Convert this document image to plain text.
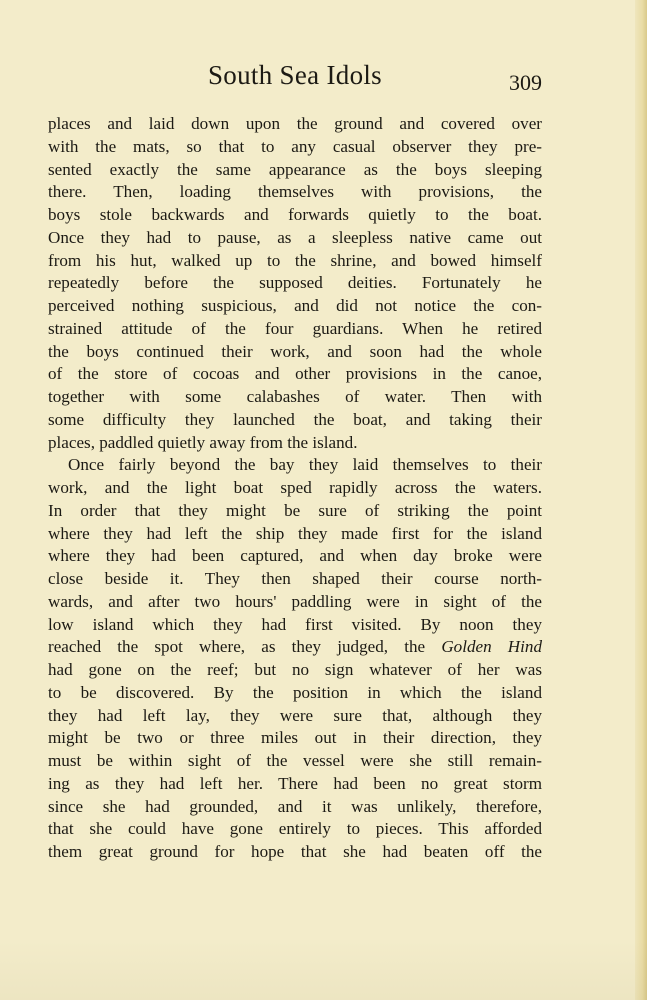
South Sea Idols	309
places and laid down upon the ground and covered over
with the mats, so that to any casual observer they pre-
sented exactly the same appearance as the boys sleeping
there. Then, loading themselves with provisions, the
boys stole backwards and forwards quietly to the boat.
Once they had to pause, as a sleepless native came out
from his hut, walked up to the shrine, and bowed himself
repeatedly before the supposed deities. Fortunately he
perceived nothing suspicious, and did not notice the con-
strained attitude of the four guardians. When he retired
the boys continued their work, and soon had the whole
of the store of cocoas and other provisions in the canoe,
together with some calabashes of water. Then with
some difficulty they launched the boat, and taking their
places, paddled quietly away from the island.
Once fairly beyond the bay they laid themselves to their
work, and the light boat sped rapidly across the waters.
In order that they might be sure of striking the point
where they had left the ship they made first for the island
where they had been captured, and when day broke were
close beside it. They then shaped their course north-
wards, and after two hours' paddling were in sight of the
low island which they had first visited. By noon they
reached the spot where, as they judged, the Golden Hind
had gone on the reef; but no sign whatever of her was
to be discovered. By the position in which the island
they had left lay, they were sure that, although they
might be two or three miles out in their direction, they
must be within sight of the vessel were she still remain-
ing as they had left her. There had been no great storm
since she had grounded, and it was unlikely, therefore,
that she could have gone entirely to pieces. This afforded
them great ground for hope that she had beaten off the
